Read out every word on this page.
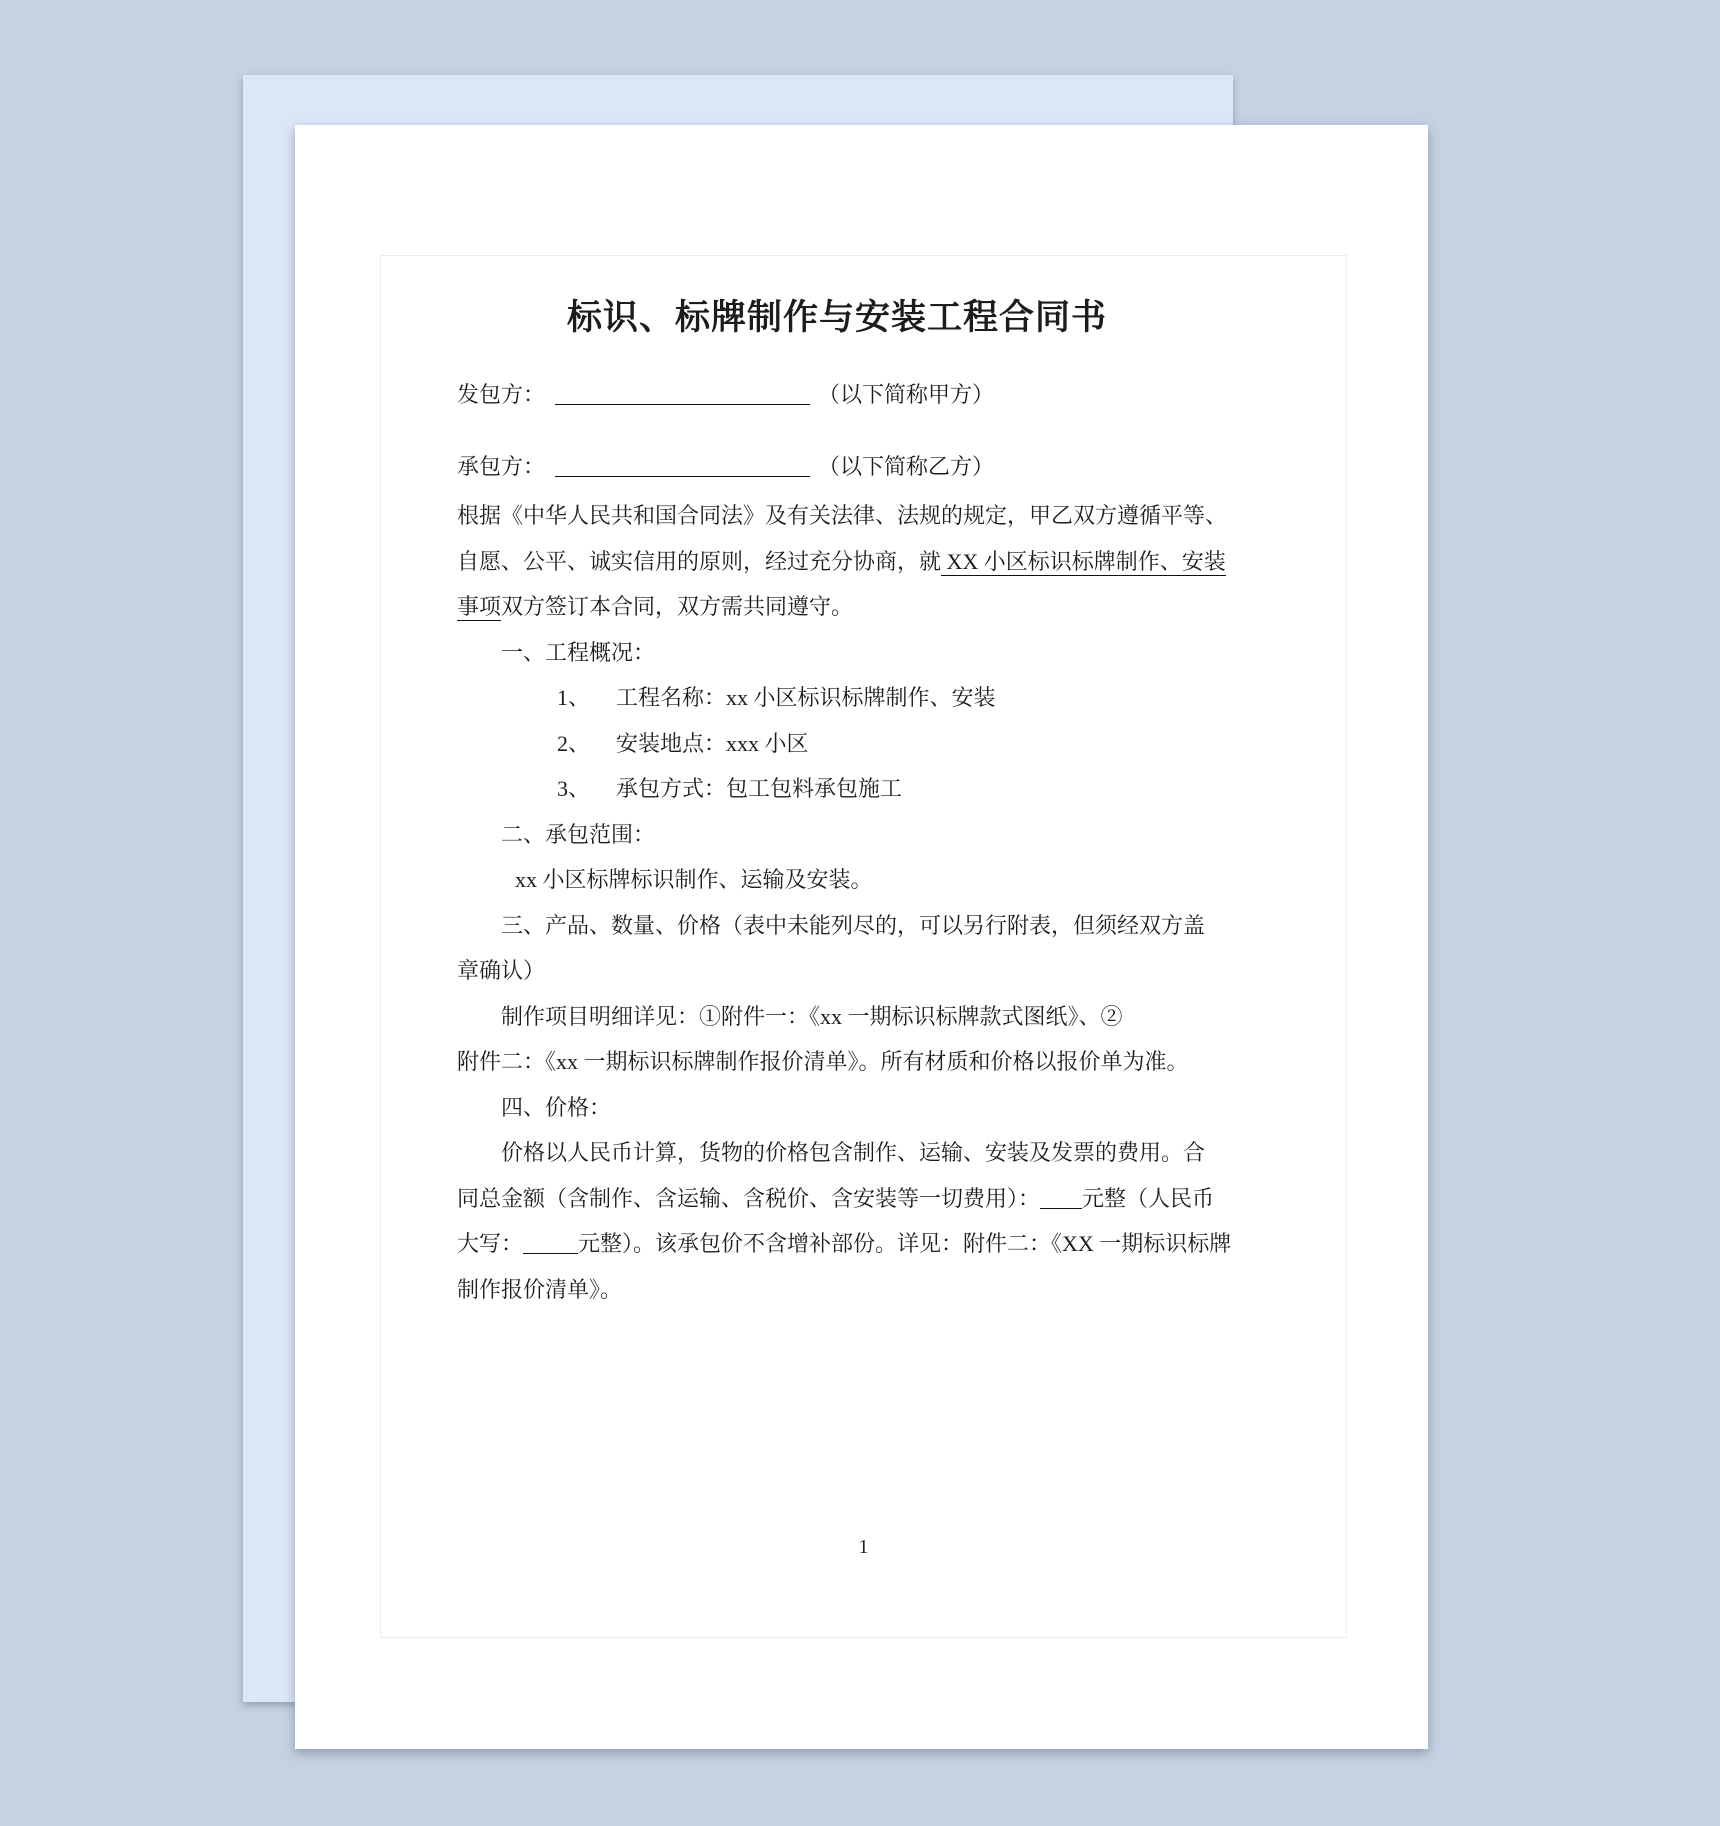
标识、标牌制作与安装工程合同书
发包方：	（以下简称甲方）
承包方：	（以下简称乙方）
根据《中华人民共和国合同法》及有关法律、法规的规定，甲乙双方遵循平等、
自愿、公平、诚实信用的原则，经过充分协商，就 XX 小区标识标牌制作、安装
事项双方签订本合同，双方需共同遵守。
一、工程概况：
1、 工程名称：xx 小区标识标牌制作、安装
2、 安装地点：xxx 小区
3、 承包方式：包工包料承包施工
二、承包范围：
xx 小区标牌标识制作、运输及安装。
三、产品、数量、价格（表中未能列尽的，可以另行附表，但须经双方盖
章确认）
制作项目明细详见：①附件一：《xx 一期标识标牌款式图纸》、②
附件二：《xx 一期标识标牌制作报价清单》。所有材质和价格以报价单为准。
四、价格：
价格以人民币计算，货物的价格包含制作、运输、安装及发票的费用。合
同总金额（含制作、含运输、含税价、含安装等一切费用）： 元整（人民币
大写：	元整）。该承包价不含增补部份。详见：附件二：《XX 一期标识标牌
制作报价清单》。
1
